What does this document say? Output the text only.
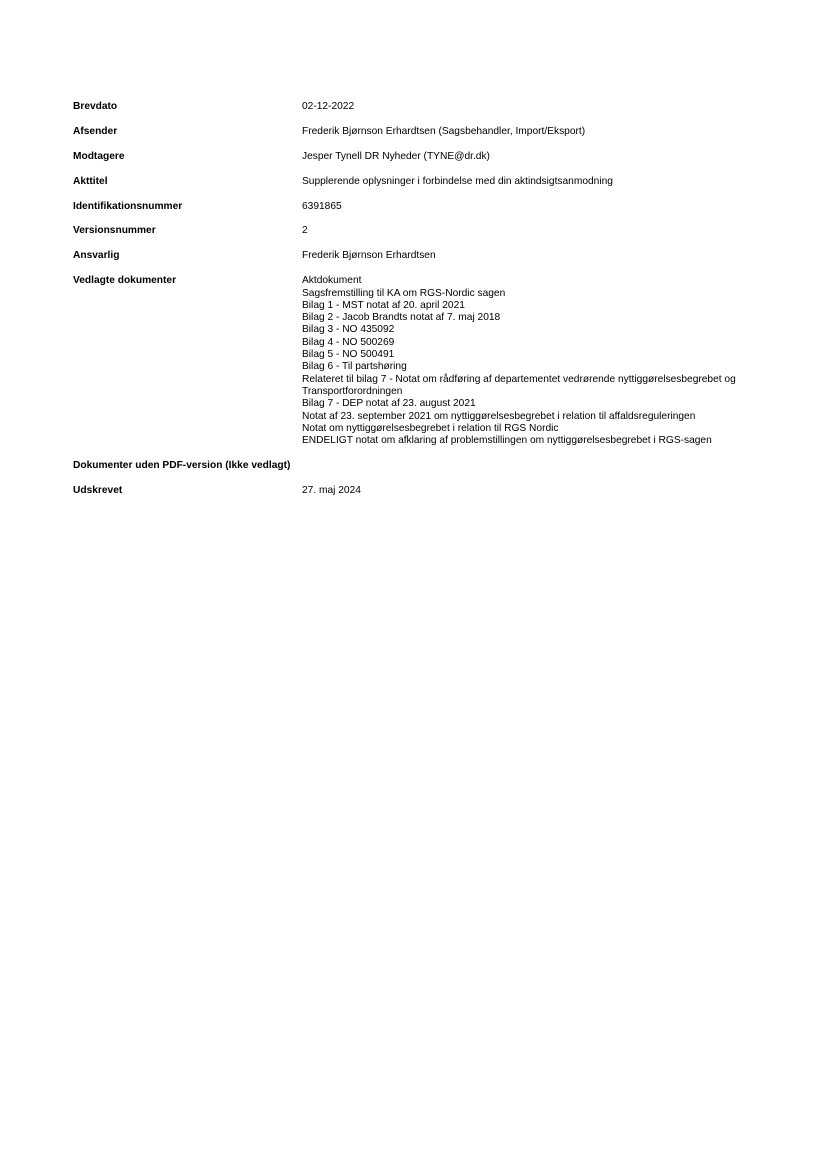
Brevdato	02-12-2022
Afsender	Frederik Bjørnson Erhardtsen (Sagsbehandler, Import/Eksport)
Modtagere	Jesper Tynell DR Nyheder (TYNE@dr.dk)
Akttitel	Supplerende oplysninger i forbindelse med din aktindsigtsanmodning
Identifikationsnummer	6391865
Versionsnummer	2
Ansvarlig	Frederik Bjørnson Erhardtsen
Vedlagte dokumenter	Aktdokument
Sagsfremstilling til KA om RGS-Nordic sagen
Bilag 1 - MST notat af 20. april 2021
Bilag 2 - Jacob Brandts notat af 7. maj 2018
Bilag 3 - NO 435092
Bilag 4 - NO 500269
Bilag 5 - NO 500491
Bilag 6 - Til partshøring
Relateret til bilag 7 - Notat om rådføring af departementet vedrørende nyttiggørelsesbegrebet og Transportforordningen
Bilag 7 - DEP notat af 23. august 2021
Notat af 23. september 2021 om nyttiggørelsesbegrebet i relation til affaldsreguleringen
Notat om nyttiggørelsesbegrebet i relation til RGS Nordic
ENDELIGT notat om afklaring af problemstillingen om nyttiggørelsesbegrebet i RGS-sagen
Dokumenter uden PDF-version (Ikke vedlagt)
Udskrevet	27. maj 2024
